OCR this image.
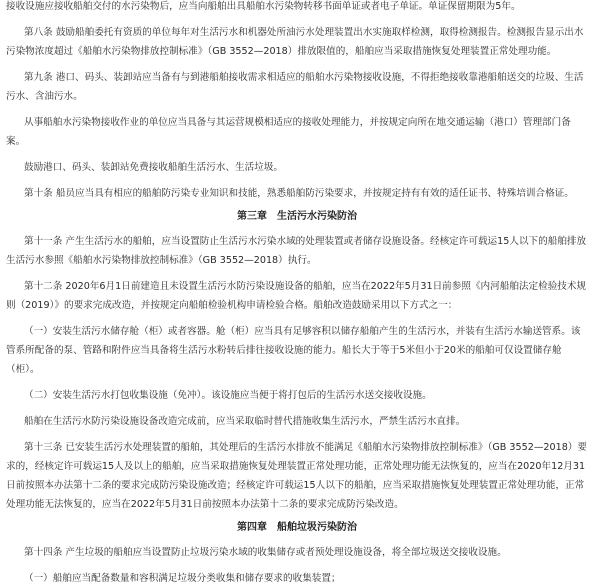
接收设施应接收船舶交付的水污染物后，应当向船舶出具船舶水污染物转移书面单证或者电子单证。单证保留期限为5年。

第八条 鼓励船舶委托有资质的单位每年对生活污水和机器处所油污水处理装置出水实施取样检测，取得检测报告。检测报告显示出水污染物浓度超过《船舶水污染物排放控制标准》（GB 3552—2018）排放限值的，船舶应当采取措施恢复处理装置正常处理功能。

第九条 港口、码头、装卸站应当备有与到港船舶接收需求相适应的船舶水污染物接收设施，不得拒绝接收靠港船舶送交的垃圾、生活污水、含油污水。

从事船舶水污染物接收作业的单位应当具备与其运营规模相适应的接收处理能力，并按规定向所在地交通运输（港口）管理部门备案。

鼓励港口、码头、装卸站免费接收船舶生活污水、生活垃圾。

第十条 船员应当具有相应的船舶防污染专业知识和技能，熟悉船舶防污染要求，并按规定持有有效的适任证书、特殊培训合格证。

第三章　生活污水污染防治

第十一条 产生生活污水的船舶，应当设置防止生活污水污染水域的处理装置或者储存设施设备。经核定许可载运15人以下的船舶排放生活污水参照《船舶水污染物排放控制标准》（GB 3552—2018）执行。

第十二条 2020年6月1日前建造且未设置生活污水防污染设施设备的船舶，应当在2022年5月31日前参照《内河船舶法定检验技术规则（2019）》的要求完成改造，并按规定向船舶检验机构申请检验合格。船舶改造鼓励采用以下方式之一：

（一）安装生活污水储存舱（柜）或者容器。舱（柜）应当具有足够容积以储存船舶产生的生活污水，并装有生活污水输送管系。该管系所配备的泵、管路和附件应当具备将生活污水粉转后排往接收设施的能力。船长大于等于5米但小于20米的船舶可仅设置储存舱（柜）。

（二）安装生活污水打包收集设施（免冲）。该设施应当便于将打包后的生活污水送交接收设施。

船舶在生活污水防污染设施设备改造完成前，应当采取临时替代措施收集生活污水，严禁生活污水直排。

第十三条 已安装生活污水处理装置的船舶，其处理后的生活污水排放不能满足《船舶水污染物排放控制标准》（GB 3552—2018）要求的，经核定许可载运15人及以上的船舶，应当采取措施恢复处理装置正常处理功能，正常处理功能无法恢复的，应当在2020年12月31日前按照本办法第十二条的要求完成防污染设施改造；经核定许可载运15人以下的船舶，应当采取措施恢复处理装置正常处理功能，正常处理功能无法恢复的，应当在2022年5月31日前按照本办法第十二条的要求完成防污染改造。

第四章　船舶垃圾污染防治

第十四条 产生垃圾的船舶应当设置防止垃圾污染水域的收集储存或者预处理设施设备，将全部垃圾送交接收设施。

（一）船舶应当配备数量和容积满足垃圾分类收集和储存要求的收集装置；
